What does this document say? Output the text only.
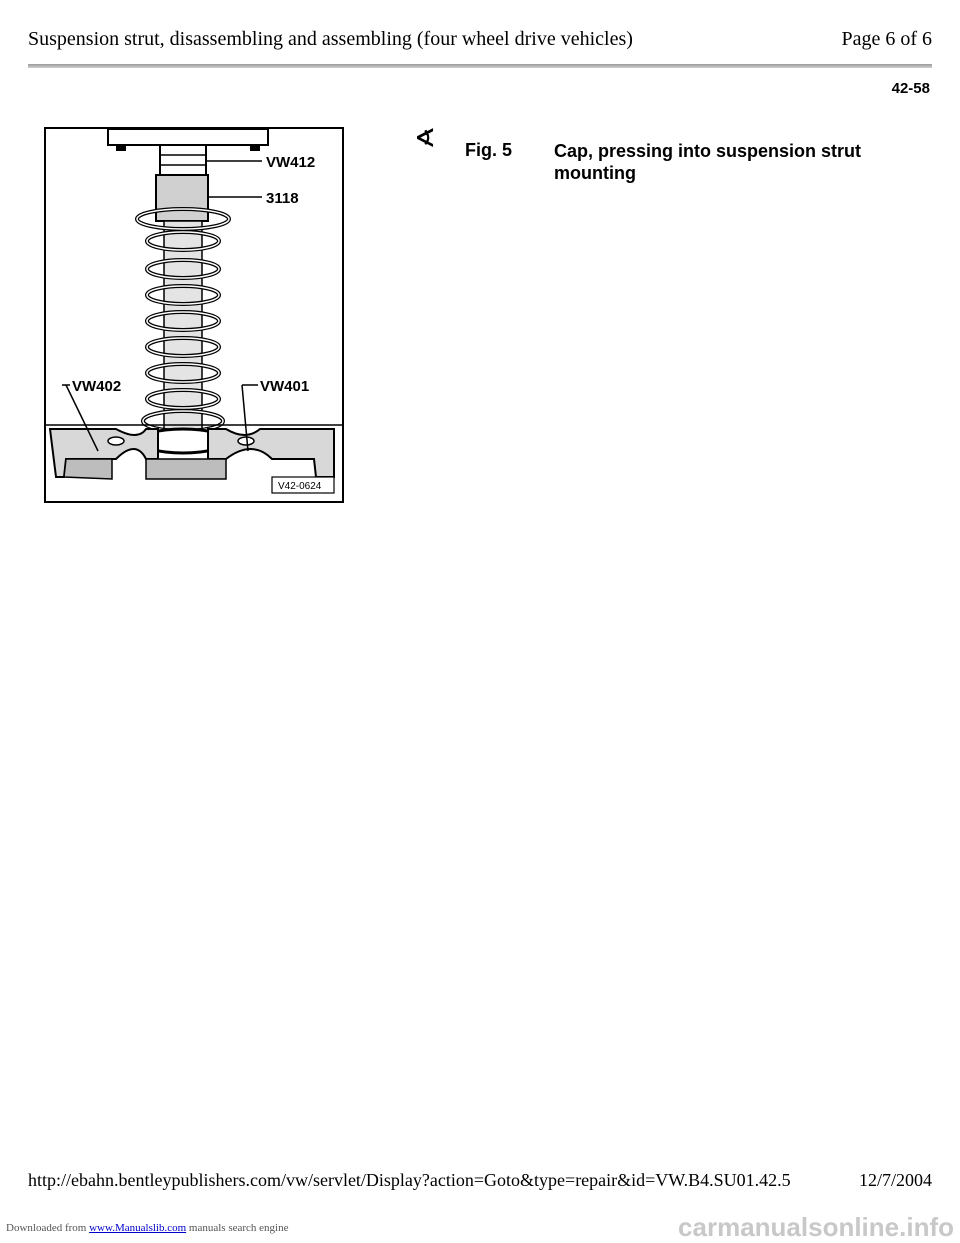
Suspension strut, disassembling and assembling (four wheel drive vehicles)	Page 6 of 6
42-58
VW412
3118
VW402	VW401
V42-0624
∢ Fig. 5 Cap, pressing into suspension strut mounting
http://ebahn.bentleypublishers.com/vw/servlet/Display?action=Goto&type=repair&id=VW.B4.SU01.42.5	12/7/2004
Downloaded from www.Manualslib.com manuals search engine	carmanualsonline.info
